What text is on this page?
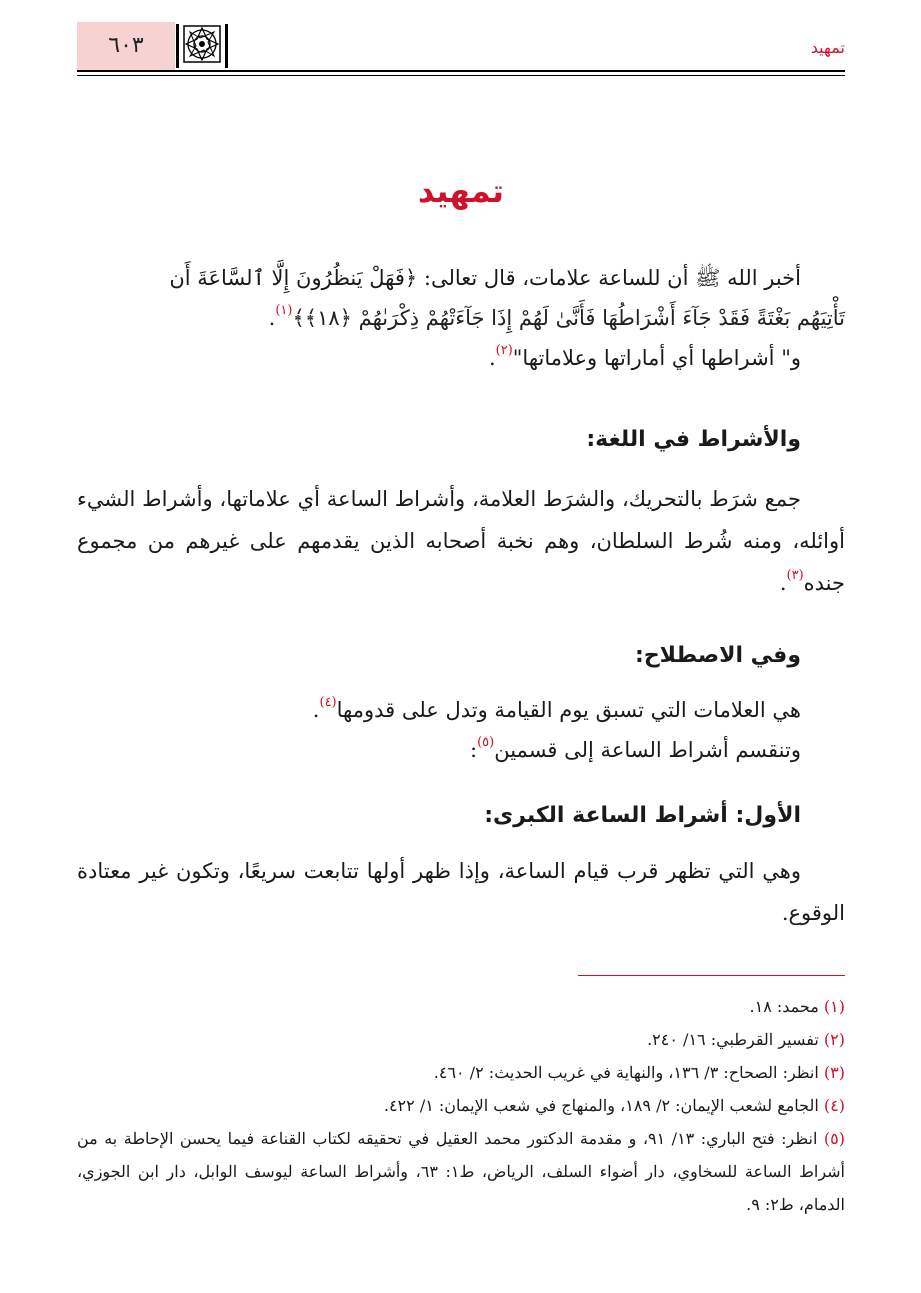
٦٠٣	تمهيد
تمهيد

أخبر الله ﷺ أن للساعة علامات، قال تعالى: ﴿فَهَلْ يَنظُرُونَ إِلَّا ٱلسَّاعَةَ أَن

تَأْتِيَهُم بَغْتَةً فَقَدْ جَآءَ أَشْرَاطُهَا فَأَنَّىٰ لَهُمْ إِذَا جَآءَتْهُمْ ذِكْرَىٰهُمْ ﴿١٨﴾﴾$^{(١)}$.

و" أشراطها أي أماراتها وعلاماتها"$^{(٢)}$.

والأشراط في اللغة:

جمع شرَط بالتحريك، والشرَط العلامة، وأشراط الساعة أي علاماتها، وأشراط الشيء أوائله، ومنه شُرط السلطان، وهم نخبة أصحابه الذين يقدمهم على غيرهم من مجموع جنده$^{(٣)}$.

وفي الاصطلاح:

هي العلامات التي تسبق يوم القيامة وتدل على قدومها$^{(٤)}$.

وتنقسم أشراط الساعة إلى قسمين$^{(٥)}$:

الأول: أشراط الساعة الكبرى:

وهي التي تظهر قرب قيام الساعة، وإذا ظهر أولها تتابعت سريعًا، وتكون غير معتادة الوقوع.

(١) محمد: ١٨.

(٢) تفسير القرطبي: ١٦/ ٢٤٠.

(٣) انظر: الصحاح: ٣/ ١٣٦، والنهاية في غريب الحديث: ٢/ ٤٦٠.

(٤) الجامع لشعب الإيمان: ٢/ ١٨٩، والمنهاج في شعب الإيمان: ١/ ٤٢٢.

(٥) انظر: فتح الباري: ١٣/ ٩١، و مقدمة الدكتور محمد العقيل في تحقيقه لكتاب القناعة فيما يحسن الإحاطة به من أشراط الساعة للسخاوي، دار أضواء السلف، الرياض، ط١: ٦٣، وأشراط الساعة ليوسف الوابل، دار ابن الجوزي، الدمام، ط٢: ٩.
